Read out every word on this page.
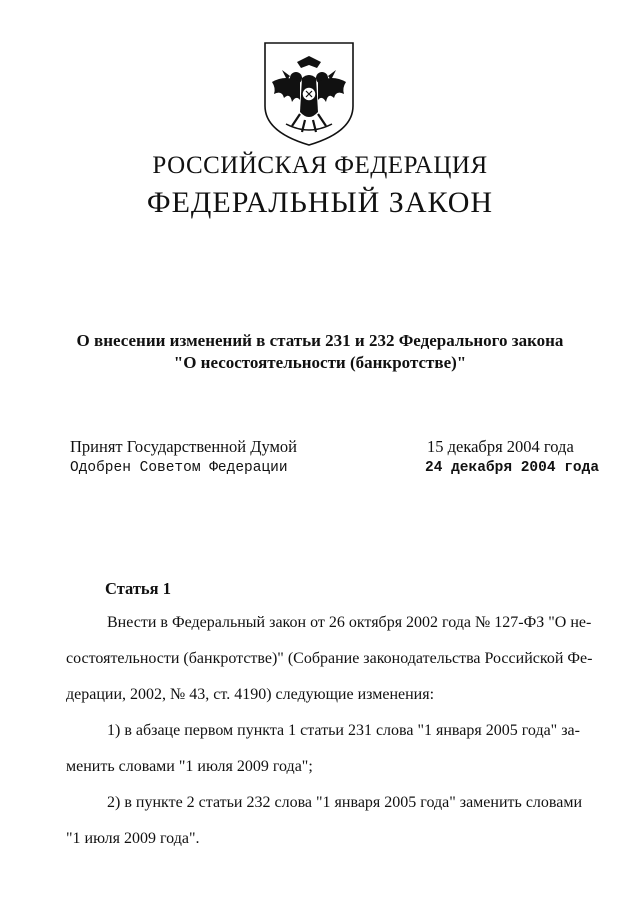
РОССИЙСКАЯ ФЕДЕРАЦИЯ
ФЕДЕРАЛЬНЫЙ ЗАКОН
О внесении изменений в статьи 231 и 232 Федерального закона
"О несостоятельности (банкротстве)"
Принят Государственной Думой	15 декабря 2004 года
Одобрен Советом Федерации	24 декабря 2004 года
Статья 1
Внести в Федеральный закон от 26 октября 2002 года № 127-ФЗ "О не-
состоятельности (банкротстве)" (Собрание законодательства Российской Фе-
дерации, 2002, № 43, ст. 4190) следующие изменения:
1) в абзаце первом пункта 1 статьи 231 слова "1 января 2005 года" за-
менить словами "1 июля 2009 года";
2) в пункте 2 статьи 232 слова "1 января 2005 года" заменить словами
"1 июля 2009 года".
